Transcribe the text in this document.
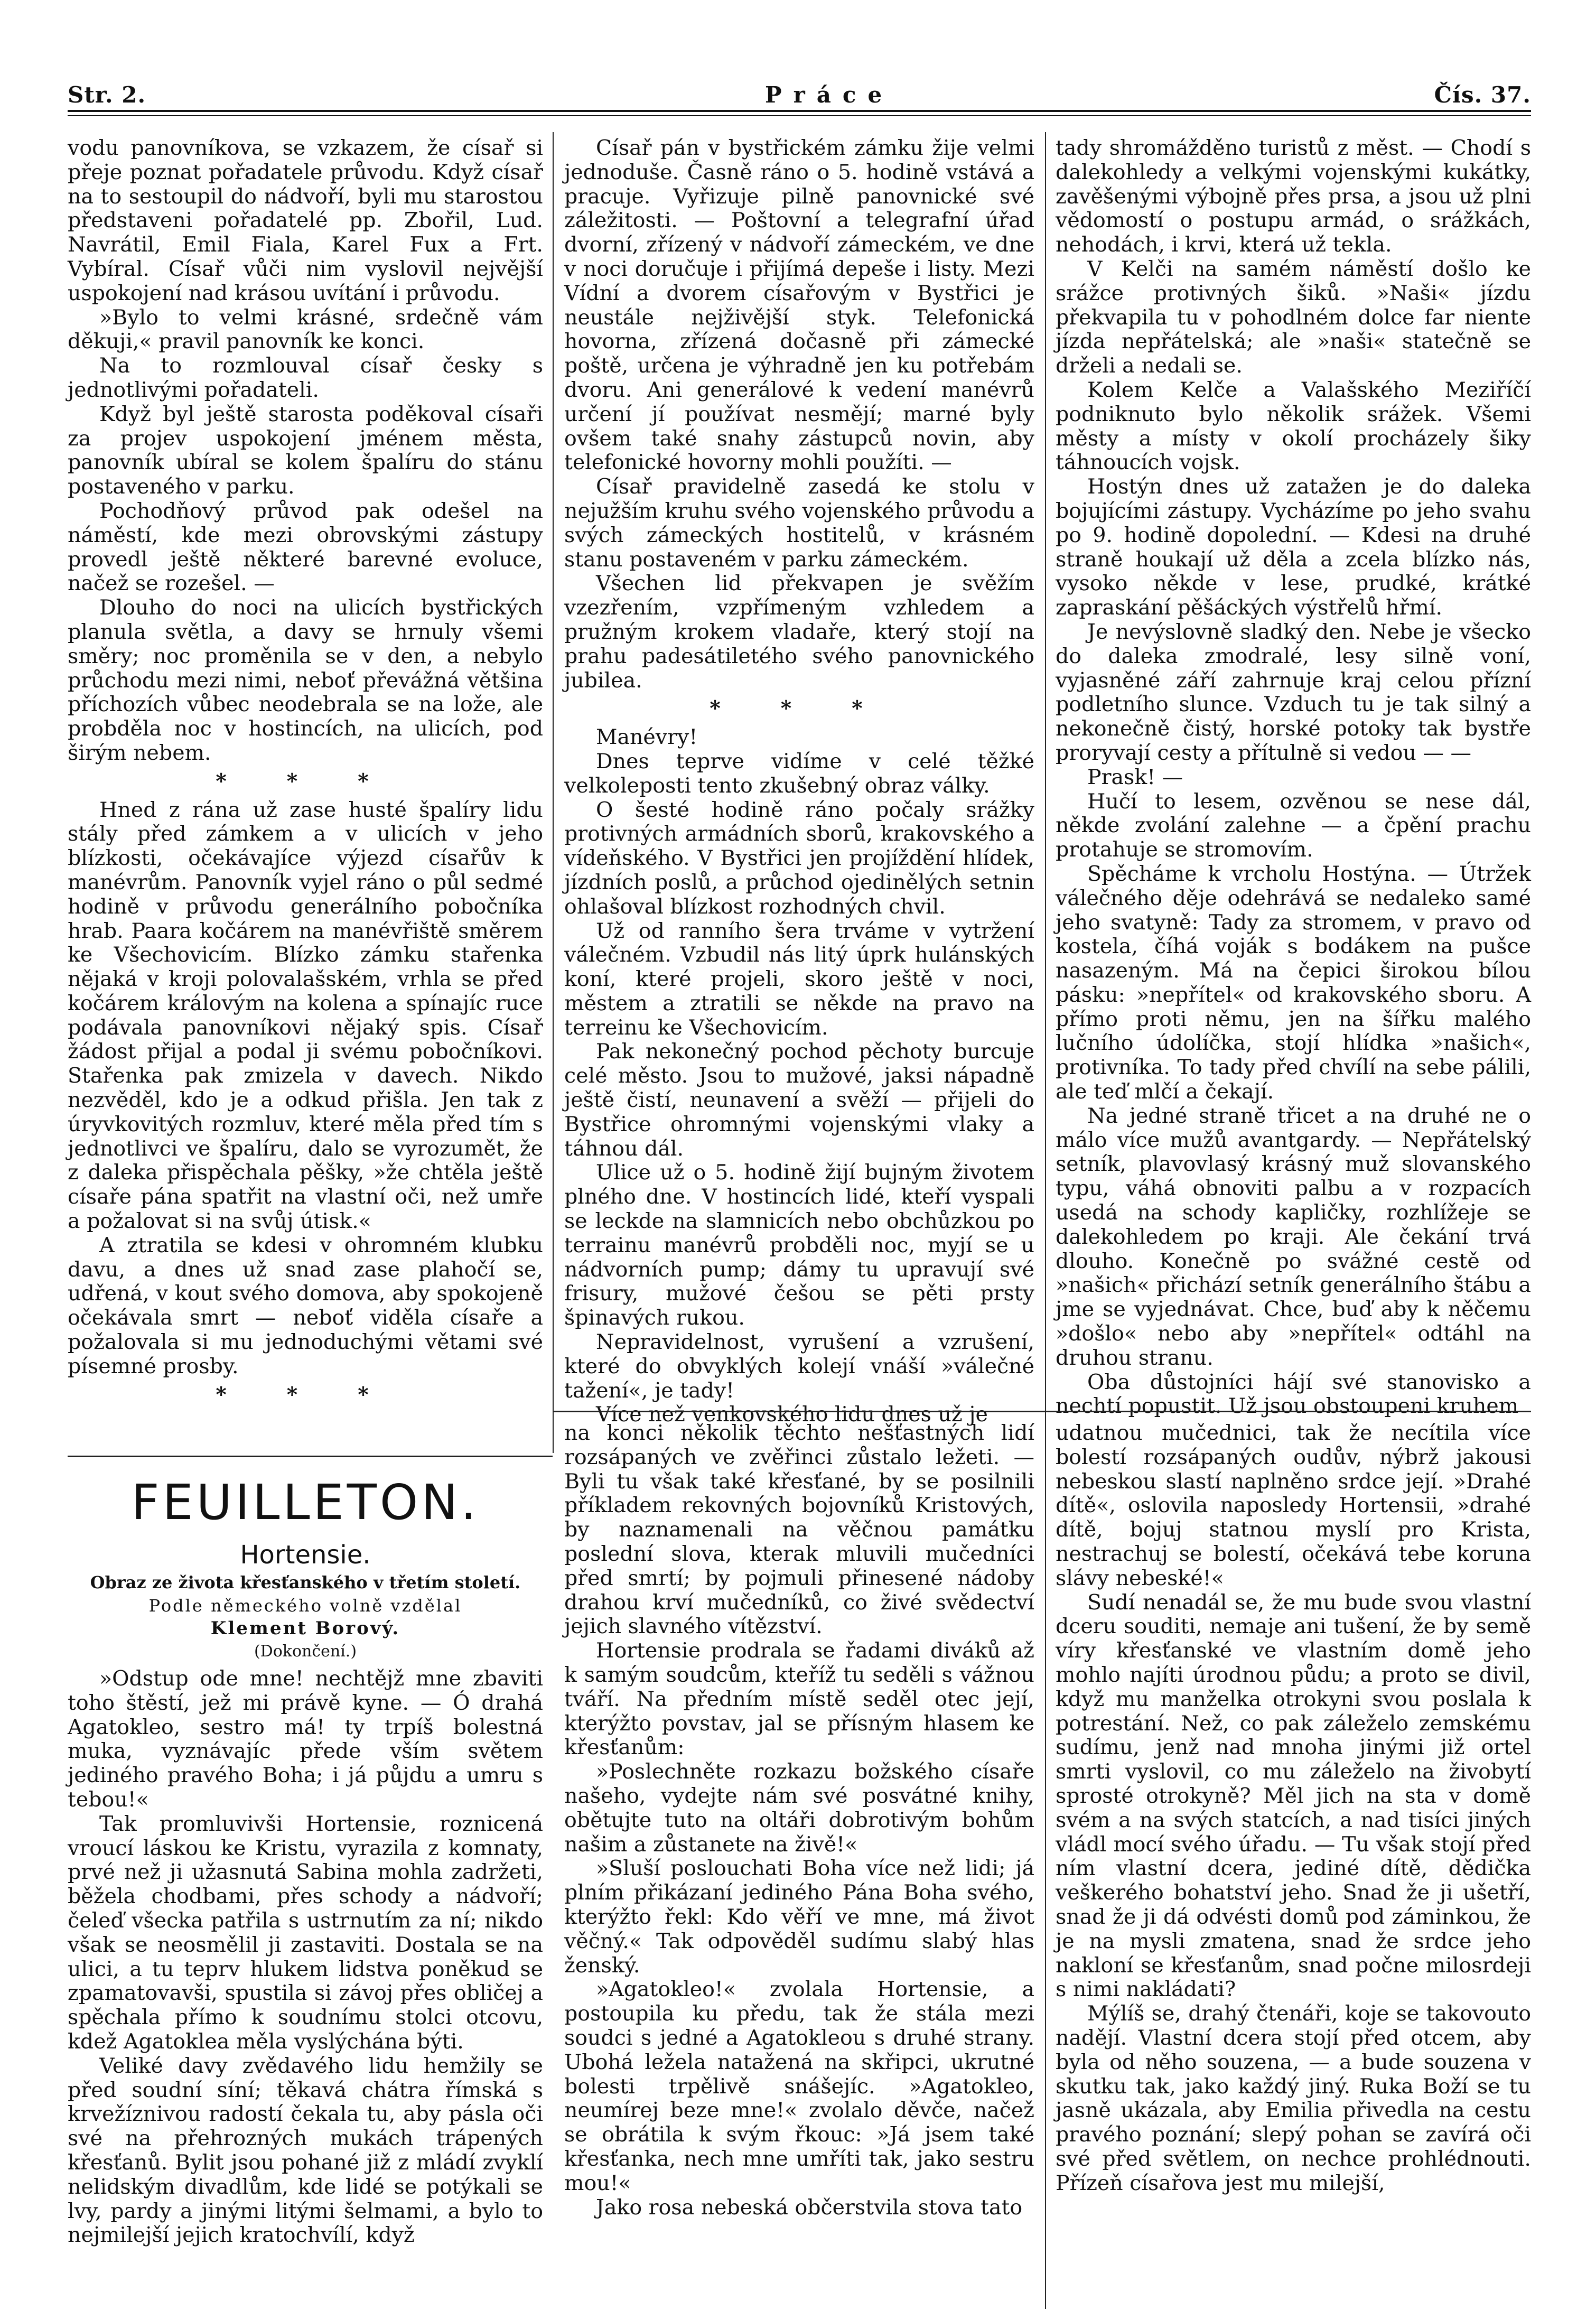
Str. 2.	Práce	Čís. 37.

vodu panovníkova, se vzkazem, že císař si přeje poznat pořadatele průvodu. Když císař na to sestoupil do nádvoří, byli mu starostou představeni pořadatelé pp. Zbořil, Lud. Navrátil, Emil Fiala, Karel Fux a Frt. Vybíral. Císař vůči nim vyslovil nejvější uspokojení nad krásou uvítání i průvodu.

»Bylo to velmi krásné, srdečně vám děkuji,« pravil panovník ke konci.

Na to rozmlouval císař česky s jednotlivými pořadateli.

Když byl ještě starosta poděkoval císaři za projev uspokojení jménem města, panovník ubíral se kolem špalíru do stánu postaveného v parku.

Pochodňový průvod pak odešel na náměstí, kde mezi obrovskými zástupy provedl ještě některé barevné evoluce, načež se rozešel. —

Dlouho do noci na ulicích bystřických planula světla, a davy se hrnuly všemi směry; noc proměnila se v den, a nebylo průchodu mezi nimi, neboť převážná většina příchozích vůbec neodebrala se na lože, ale probděla noc v hostincích, na ulicích, pod širým nebem.

* * *

Hned z rána už zase husté špalíry lidu stály před zámkem a v ulicích v jeho blízkosti, očekávajíce výjezd císařův k manévrům. Panovník vyjel ráno o půl sedmé hodině v průvodu generálního pobočníka hrab. Paara kočárem na manévřiště směrem ke Všechovicím. Blízko zámku stařenka nějaká v kroji polovalašském, vrhla se před kočárem královým na kolena a spínajíc ruce podávala panovníkovi nějaký spis. Císař žádost přijal a podal ji svému pobočníkovi. Stařenka pak zmizela v davech. Nikdo nezvěděl, kdo je a odkud přišla. Jen tak z úryvkovitých rozmluv, které měla před tím s jednotlivci ve špalíru, dalo se vyrozumět, že z daleka přispěchala pěšky, »že chtěla ještě císaře pána spatřit na vlastní oči, než umře a požalovat si na svůj útisk.«

A ztratila se kdesi v ohromném klubku davu, a dnes už snad zase plahočí se, udřená, v kout svého domova, aby spokojeně očekávala smrt — neboť viděla císaře a požalovala si mu jednoduchými větami své písemné prosby.

* * *

Císař pán v bystřickém zámku žije velmi jednoduše. Časně ráno o 5. hodině vstává a pracuje. Vyřizuje pilně panovnické své záležitosti. — Poštovní a telegrafní úřad dvorní, zřízený v nádvoří zámeckém, ve dne v noci doručuje i přijímá depeše i listy. Mezi Vídní a dvorem císařovým v Bystřici je neustále nejživější styk. Telefonická hovorna, zřízená dočasně při zámecké poště, určena je výhradně jen ku potřebám dvoru. Ani generálové k vedení manévrů určení jí používat nesmějí; marné byly ovšem také snahy zástupců novin, aby telefonické hovorny mohli použíti. —

Císař pravidelně zasedá ke stolu v nejužším kruhu svého vojenského průvodu a svých zámeckých hostitelů, v krásném stanu postaveném v parku zámeckém.

Všechen lid překvapen je svěžím vzezřením, vzpřímeným vzhledem a pružným krokem vladaře, který stojí na prahu padesátiletého svého panovnického jubilea.

* * *

Manévry!

Dnes teprve vidíme v celé těžké velkoleposti tento zkušebný obraz války.

O šesté hodině ráno počaly srážky protivných armádních sborů, krakovského a vídeňského. V Bystřici jen projíždění hlídek, jízdních poslů, a průchod ojedinělých setnin ohlašoval blízkost rozhodných chvil.

Už od ranního šera trváme v vytržení válečném. Vzbudil nás litý úprk hulánských koní, které projeli, skoro ještě v noci, městem a ztratili se někde na pravo na terreinu ke Všechovicím.

Pak nekonečný pochod pěchoty burcuje celé město. Jsou to mužové, jaksi nápadně ještě čistí, neunavení a svěží — přijeli do Bystřice ohromnými vojenskými vlaky a táhnou dál.

Ulice už o 5. hodině žijí bujným životem plného dne. V hostincích lidé, kteří vyspali se leckde na slamnicích nebo obchůzkou po terrainu manévrů probděli noc, myjí se u nádvorních pump; dámy tu upravují své frisury, mužové češou se pěti prsty špinavých rukou.

Nepravidelnost, vyrušení a vzrušení, které do obvyklých kolejí vnáší »válečné tažení«, je tady!

Více než venkovského lidu dnes už je

tady shromážděno turistů z měst. — Chodí s dalekohledy a velkými vojenskými kukátky, zavěšenými výbojně přes prsa, a jsou už plni vědomostí o postupu armád, o srážkách, nehodách, i krvi, která už tekla.

V Kelči na samém náměstí došlo ke srážce protivných šiků. »Naši« jízdu překvapila tu v pohodlném dolce far niente jízda nepřátelská; ale »naši« statečně se drželi a nedali se.

Kolem Kelče a Valašského Meziříčí podniknuto bylo několik srážek. Všemi městy a místy v okolí procházely šiky táhnoucích vojsk.

Hostýn dnes už zatažen je do daleka bojujícími zástupy. Vycházíme po jeho svahu po 9. hodině dopolední. — Kdesi na druhé straně houkají už děla a zcela blízko nás, vysoko někde v lese, prudké, krátké zapraskání pěšáckých výstřelů hřmí.

Je nevýslovně sladký den. Nebe je všecko do daleka zmodralé, lesy silně voní, vyjasněné září zahrnuje kraj celou přízní podletního slunce. Vzduch tu je tak silný a nekonečně čistý, horské potoky tak bystře proryvají cesty a přítulně si vedou — —

Prask! —

Hučí to lesem, ozvěnou se nese dál, někde zvolání zalehne — a čpění prachu protahuje se stromovím.

Spěcháme k vrcholu Hostýna. — Útržek válečného děje odehrává se nedaleko samé jeho svatyně: Tady za stromem, v pravo od kostela, číhá voják s bodákem na pušce nasazeným. Má na čepici širokou bílou pásku: »nepřítel« od krakovského sboru. A přímo proti němu, jen na šířku malého lučního údolíčka, stojí hlídka »našich«, protivníka. To tady před chvílí na sebe pálili, ale teď mlčí a čekají.

Na jedné straně třicet a na druhé ne o málo více mužů avantgardy. — Nepřátelský setník, plavovlasý krásný muž slovanského typu, váhá obnoviti palbu a v rozpacích usedá na schody kapličky, rozhlížeje se dalekohledem po kraji. Ale čekání trvá dlouho. Konečně po svážné cestě od »našich« přichází setník generálního štábu a jme se vyjednávat. Chce, buď aby k něčemu »došlo« nebo aby »nepřítel« odtáhl na druhou stranu.

Oba důstojníci hájí své stanovisko a nechtí popustit. Už jsou obstoupeni kruhem

FEUILLETON.
Hortensie.
Obraz ze života křesťanského v třetím století.
Podle německého volně vzdělal
Klement Borový.
(Dokončení.)

»Odstup ode mne! nechtějž mne zbaviti toho štěstí, jež mi právě kyne. — Ó drahá Agatokleo, sestro má! ty trpíš bolestná muka, vyznávajíc přede vším světem jediného pravého Boha; i já půjdu a umru s tebou!«

Tak promluvivši Hortensie, roznicená vroucí láskou ke Kristu, vyrazila z komnaty, prvé než ji užasnutá Sabina mohla zadržeti, běžela chodbami, přes schody a nádvoří; čeleď všecka patřila s ustrnutím za ní; nikdo však se neosmělil ji zastaviti. Dostala se na ulici, a tu teprv hlukem lidstva poněkud se zpamatovavši, spustila si závoj přes obličej a spěchala přímo k soudnímu stolci otcovu, kdež Agatoklea měla vyslýchána býti.

Veliké davy zvědavého lidu hemžily se před soudní síní; těkavá chátra římská s krvežíznivou radostí čekala tu, aby pásla oči své na přehrozných mukách trápených křesťanů. Bylit jsou pohané již z mládí zvyklí nelidským divadlům, kde lidé se potýkali se lvy, pardy a jinými litými šelmami, a bylo to nejmilejší jejich kratochvílí, když

na konci několik těchto nešťastných lidí rozsápaných ve zvěřinci zůstalo ležeti. — Byli tu však také křesťané, by se posilnili příkladem rekovných bojovníků Kristových, by naznamenali na věčnou památku poslední slova, kterak mluvili mučedníci před smrtí; by pojmuli přinesené nádoby drahou krví mučedníků, co živé svědectví jejich slavného vítězství.

Hortensie prodrala se řadami diváků až k samým soudcům, kteříž tu seděli s vážnou tváří. Na předním místě seděl otec její, kterýžto povstav, jal se přísným hlasem ke křesťanům:

»Poslechněte rozkazu božského císaře našeho, vydejte nám své posvátné knihy, obětujte tuto na oltáři dobrotivým bohům našim a zůstanete na živě!«

»Sluší poslouchati Boha více než lidi; já plním přikázaní jediného Pána Boha svého, kterýžto řekl: Kdo věří ve mne, má život věčný.« Tak odpověděl sudímu slabý hlas ženský.

»Agatokleo!« zvolala Hortensie, a postoupila ku předu, tak že stála mezi soudci s jedné a Agatokleou s druhé strany. Ubohá ležela natažená na skřipci, ukrutné bolesti trpělivě snášejíc. »Agatokleo, neumírej beze mne!« zvolalo děvče, načež se obrátila k svým řkouc: »Já jsem také křesťanka, nech mne umříti tak, jako sestru mou!«

Jako rosa nebeská občerstvila stova tato

udatnou mučednici, tak že necítila více bolestí rozsápaných oudův, nýbrž jakousi nebeskou slastí naplněno srdce její. »Drahé dítě«, oslovila naposledy Hortensii, »drahé dítě, bojuj statnou myslí pro Krista, nestrachuj se bolestí, očekává tebe koruna slávy nebeské!«

Sudí nenadál se, že mu bude svou vlastní dceru souditi, nemaje ani tušení, že by semě víry křesťanské ve vlastním domě jeho mohlo najíti úrodnou půdu; a proto se divil, když mu manželka otrokyni svou poslala k potrestání. Než, co pak záleželo zemskému sudímu, jenž nad mnoha jinými již ortel smrti vyslovil, co mu záleželo na živobytí sprosté otrokyně? Měl jich na sta v domě svém a na svých statcích, a nad tisíci jiných vládl mocí svého úřadu. — Tu však stojí před ním vlastní dcera, jediné dítě, dědička veškerého bohatství jeho. Snad že ji ušetří, snad že ji dá odvésti domů pod záminkou, že je na mysli zmatena, snad že srdce jeho nakloní se křesťanům, snad počne milosrdeji s nimi nakládati?

Mýlíš se, drahý čtenáři, koje se takovouto nadějí. Vlastní dcera stojí před otcem, aby byla od něho souzena, — a bude souzena v skutku tak, jako každý jiný. Ruka Boží se tu jasně ukázala, aby Emilia přivedla na cestu pravého poznání; slepý pohan se zavírá oči své před světlem, on nechce prohlédnouti. Přízeň císařova jest mu milejší,
